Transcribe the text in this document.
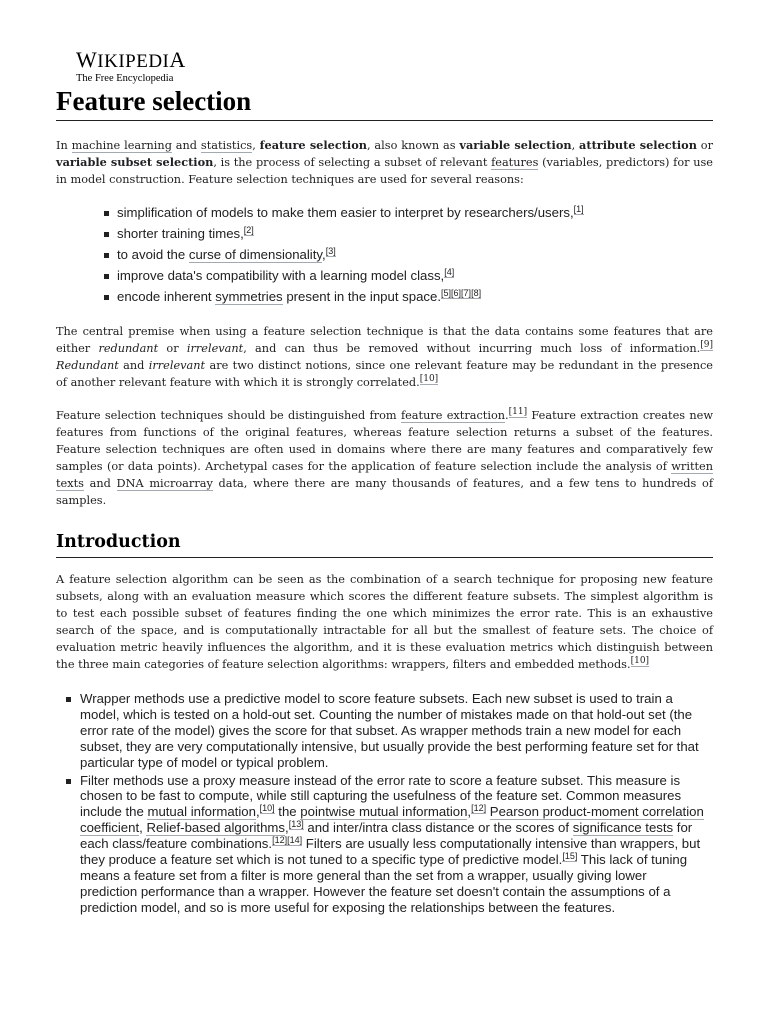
WIKIPEDIA
The Free Encyclopedia
Feature selection

In machine learning and statistics, feature selection, also known as variable selection, attribute selection or variable subset selection, is the process of selecting a subset of relevant features (variables, predictors) for use in model construction. Feature selection techniques are used for several reasons:

simplification of models to make them easier to interpret by researchers/users,[1]
shorter training times,[2]
to avoid the curse of dimensionality,[3]
improve data's compatibility with a learning model class,[4]
encode inherent symmetries present in the input space.[5][6][7][8]

The central premise when using a feature selection technique is that the data contains some features that are either redundant or irrelevant, and can thus be removed without incurring much loss of information.[9] Redundant and irrelevant are two distinct notions, since one relevant feature may be redundant in the presence of another relevant feature with which it is strongly correlated.[10]

Feature selection techniques should be distinguished from feature extraction.[11] Feature extraction creates new features from functions of the original features, whereas feature selection returns a subset of the features. Feature selection techniques are often used in domains where there are many features and comparatively few samples (or data points). Archetypal cases for the application of feature selection include the analysis of written texts and DNA microarray data, where there are many thousands of features, and a few tens to hundreds of samples.

Introduction

A feature selection algorithm can be seen as the combination of a search technique for proposing new feature subsets, along with an evaluation measure which scores the different feature subsets. The simplest algorithm is to test each possible subset of features finding the one which minimizes the error rate. This is an exhaustive search of the space, and is computationally intractable for all but the smallest of feature sets. The choice of evaluation metric heavily influences the algorithm, and it is these evaluation metrics which distinguish between the three main categories of feature selection algorithms: wrappers, filters and embedded methods.[10]

Wrapper methods use a predictive model to score feature subsets. Each new subset is used to train a model, which is tested on a hold-out set. Counting the number of mistakes made on that hold-out set (the error rate of the model) gives the score for that subset. As wrapper methods train a new model for each subset, they are very computationally intensive, but usually provide the best performing feature set for that particular type of model or typical problem.
Filter methods use a proxy measure instead of the error rate to score a feature subset. This measure is chosen to be fast to compute, while still capturing the usefulness of the feature set. Common measures include the mutual information,[10] the pointwise mutual information,[12] Pearson product-moment correlation coefficient, Relief-based algorithms,[13] and inter/intra class distance or the scores of significance tests for each class/feature combinations.[12][14] Filters are usually less computationally intensive than wrappers, but they produce a feature set which is not tuned to a specific type of predictive model.[15] This lack of tuning means a feature set from a filter is more general than the set from a wrapper, usually giving lower prediction performance than a wrapper. However the feature set doesn't contain the assumptions of a prediction model, and so is more useful for exposing the relationships between the features.
